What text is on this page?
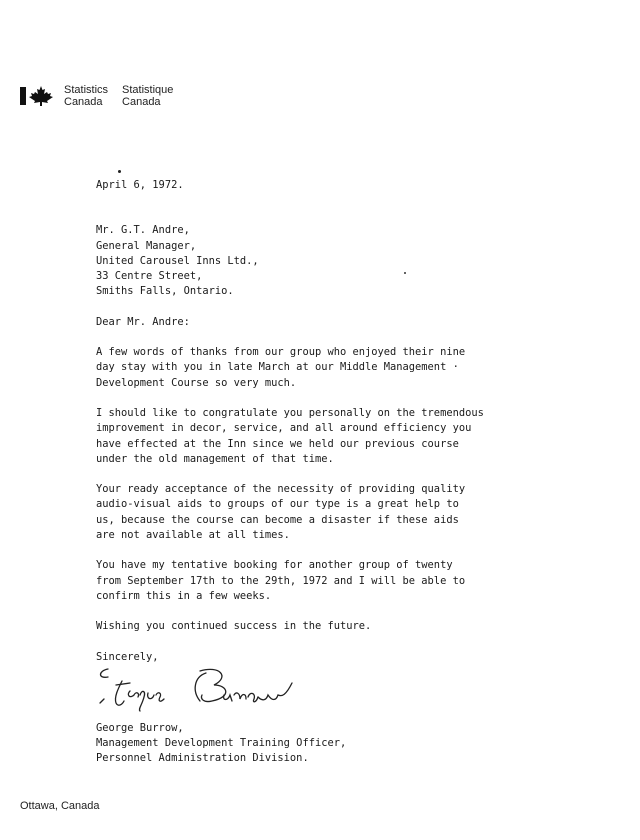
Statistics
Canada
Statistique
Canada

April 6, 1972.

Mr. G.T. Andre,
General Manager,
United Carousel Inns Ltd.,
33 Centre Street,
Smiths Falls, Ontario.

Dear Mr. Andre:

A few words of thanks from our group who enjoyed their nine
day stay with you in late March at our Middle Management ·
Development Course so very much.

I should like to congratulate you personally on the tremendous
improvement in decor, service, and all around efficiency you
have effected at the Inn since we held our previous course
under the old management of that time.

Your ready acceptance of the necessity of providing quality
audio-visual aids to groups of our type is a great help to
us, because the course can become a disaster if these aids
are not available at all times.

You have my tentative booking for another group of twenty
from September 17th to the 29th, 1972 and I will be able to
confirm this in a few weeks.

Wishing you continued success in the future.

Sincerely,

George Burrow,
Management Development Training Officer,
Personnel Administration Division.

Ottawa, Canada
